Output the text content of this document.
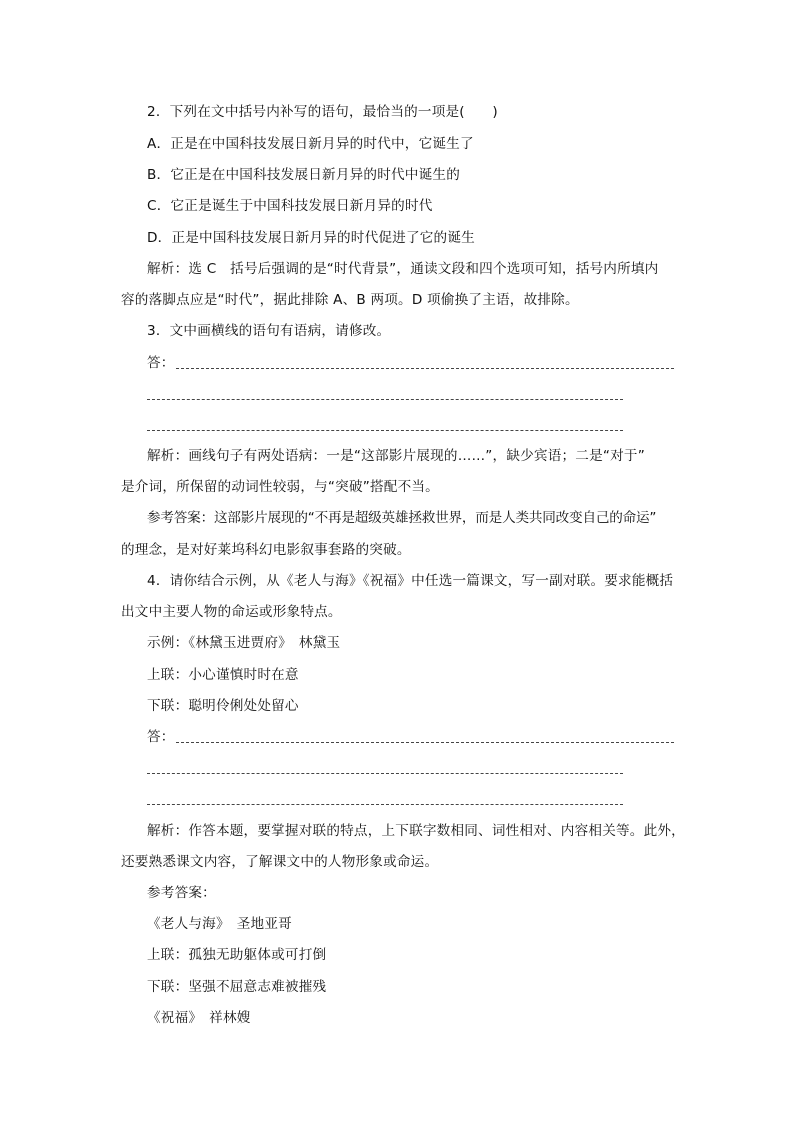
2．下列在文中括号内补写的语句，最恰当的一项是(　　)
A．正是在中国科技发展日新月异的时代中，它诞生了
B．它正是在中国科技发展日新月异的时代中诞生的
C．它正是诞生于中国科技发展日新月异的时代
D．正是中国科技发展日新月异的时代促进了它的诞生
解析：选 C　括号后强调的是“时代背景”，通读文段和四个选项可知，括号内所填内
容的落脚点应是“时代”，据此排除 A、B 两项。D 项偷换了主语，故排除。
3．文中画横线的语句有语病，请修改。
答：
解析：画线句子有两处语病：一是“这部影片展现的……”，缺少宾语；二是“对于”
是介词，所保留的动词性较弱，与“突破”搭配不当。
参考答案：这部影片展现的“不再是超级英雄拯救世界，而是人类共同改变自己的命运”
的理念，是对好莱坞科幻电影叙事套路的突破。
4．请你结合示例，从《老人与海》《祝福》中任选一篇课文，写一副对联。要求能概括
出文中主要人物的命运或形象特点。
示例：《林黛玉进贾府》　林黛玉
上联：小心谨慎时时在意
下联：聪明伶俐处处留心
答：
解析：作答本题，要掌握对联的特点，上下联字数相同、词性相对、内容相关等。此外，
还要熟悉课文内容，了解课文中的人物形象或命运。
参考答案：
《老人与海》　圣地亚哥
上联：孤独无助躯体或可打倒
下联：坚强不屈意志难被摧残
《祝福》　祥林嫂
